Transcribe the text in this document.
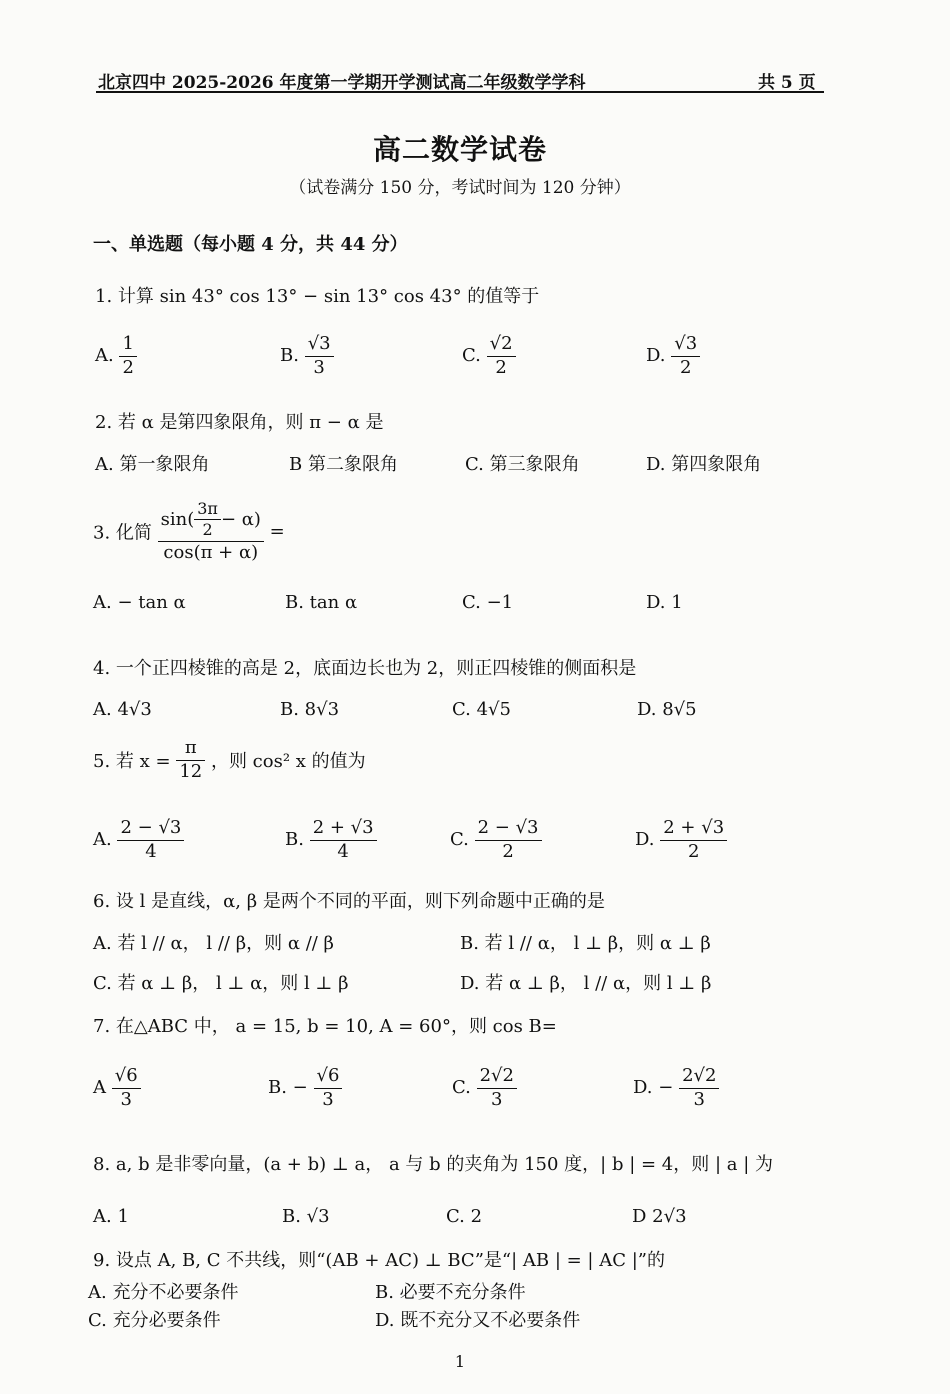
北京四中 2025-2026 年度第一学期开学测试高二年级数学学科	共 5 页
高二数学试卷
（试卷满分 150 分，考试时间为 120 分钟）
一、单选题（每小题 4 分，共 44 分）
1. 计算 sin 43° cos 13° − sin 13° cos 43° 的值等于
A. $\frac{1}{2}$	B. $\frac{√3}{3}$	C. $\frac{√2}{2}$	D. $\frac{√3}{2}$
2. 若 α 是第四象限角，则 π − α 是
A. 第一象限角	B 第二象限角	C. 第三象限角	D. 第四象限角
3. 化简 $\frac{\sin( \frac{3\pi}{2} - \alpha)}{\cos(\pi + \alpha)}$ =
A. − tan α	B. tan α	C. −1	D. 1
4. 一个正四棱锥的高是 2，底面边长也为 2，则正四棱锥的侧面积是
A. 4√3	B. 8√3	C. 4√5	D. 8√5
5. 若 $x = \frac{\pi}{12}$ ，则 cos² x 的值为
A. $\frac{2 - √3}{4}$	B. $\frac{2 + √3}{4}$	C. $\frac{2 - √3}{2}$	D. $\frac{2 + √3}{2}$
6. 设 l 是直线，α, β 是两个不同的平面，则下列命题中正确的是
A. 若 l // α， l // β，则 α // β	B. 若 l // α， l ⊥ β，则 α ⊥ β
C. 若 α ⊥ β， l ⊥ α，则 l ⊥ β	D. 若 α ⊥ β， l // α，则 l ⊥ β
7. 在△ABC 中， a = 15, b = 10, A = 60°，则 cos B=
A $\frac{√6}{3}$	B. − $\frac{√6}{3}$	C. $\frac{2√2}{3}$	D. − $\frac{2√2}{3}$
8. a, b 是非零向量，(a + b) ⊥ a， a 与 b 的夹角为 150 度，| b | = 4，则 | a | 为
A. 1	B. √3	C. 2	D 2√3
9. 设点 A, B, C 不共线，则“(AB + AC) ⊥ BC”是“| AB | = | AC |”的
A. 充分不必要条件	B. 必要不充分条件
C. 充分必要条件	D. 既不充分又不必要条件
1
